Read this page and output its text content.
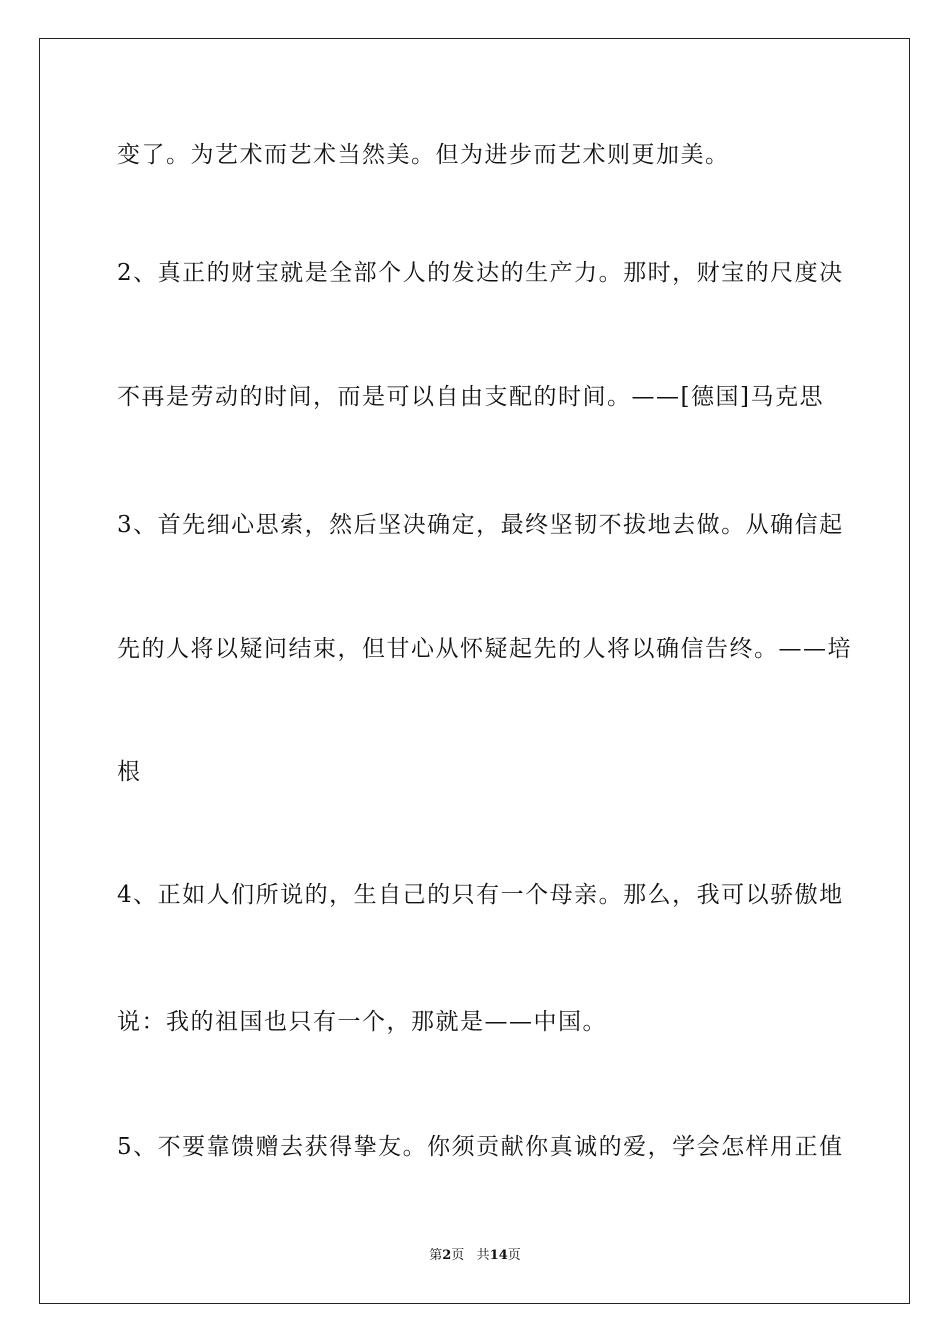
变了。为艺术而艺术当然美。但为进步而艺术则更加美。

2、真正的财宝就是全部个人的发达的生产力。那时，财宝的尺度决

不再是劳动的时间，而是可以自由支配的时间。——[德国]马克思

3、首先细心思索，然后坚决确定，最终坚韧不拔地去做。从确信起

先的人将以疑问结束，但甘心从怀疑起先的人将以确信告终。——培

根

4、正如人们所说的，生自己的只有一个母亲。那么，我可以骄傲地

说：我的祖国也只有一个，那就是——中国。

5、不要靠馈赠去获得挚友。你须贡献你真诚的爱，学会怎样用正值

第2页 共14页
